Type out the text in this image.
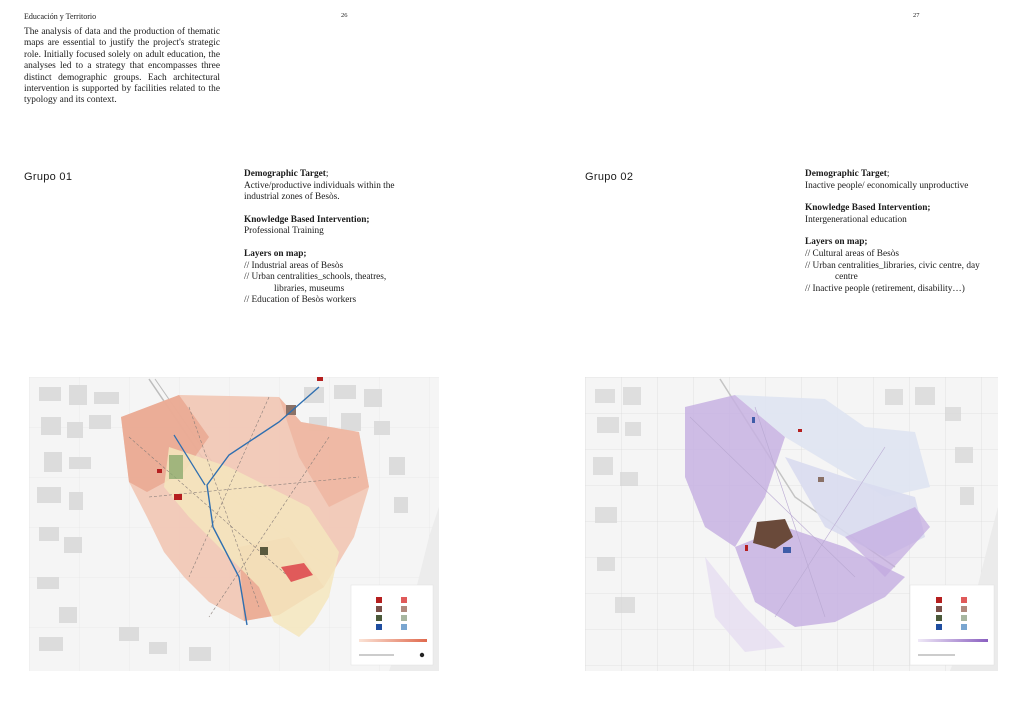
Educación y Territorio	26	27
The analysis of data and the production of thematic maps are essential to justify the project's strategic role. Initially focused solely on adult education, the analyses led to a strategy that encompasses three distinct demographic groups. Each architectural intervention is supported by facilities related to the typology and its context.
Grupo 01	Demographic Target;
Active/productive individuals within the industrial zones of Besòs.
Knowledge Based Intervention;
Professional Training
Layers on map;
// Industrial areas of Besòs
// Urban centralities_schools, theatres,
libraries, museums
// Education of Besòs workers
Grupo 02	Demographic Target;
Inactive people/ economically unproductive
Knowledge Based Intervention;
Intergenerational education
Layers on map;
// Cultural areas of Besòs
// Urban centralities_libraries, civic centre, day
centre
// Inactive people (retirement, disability…)
